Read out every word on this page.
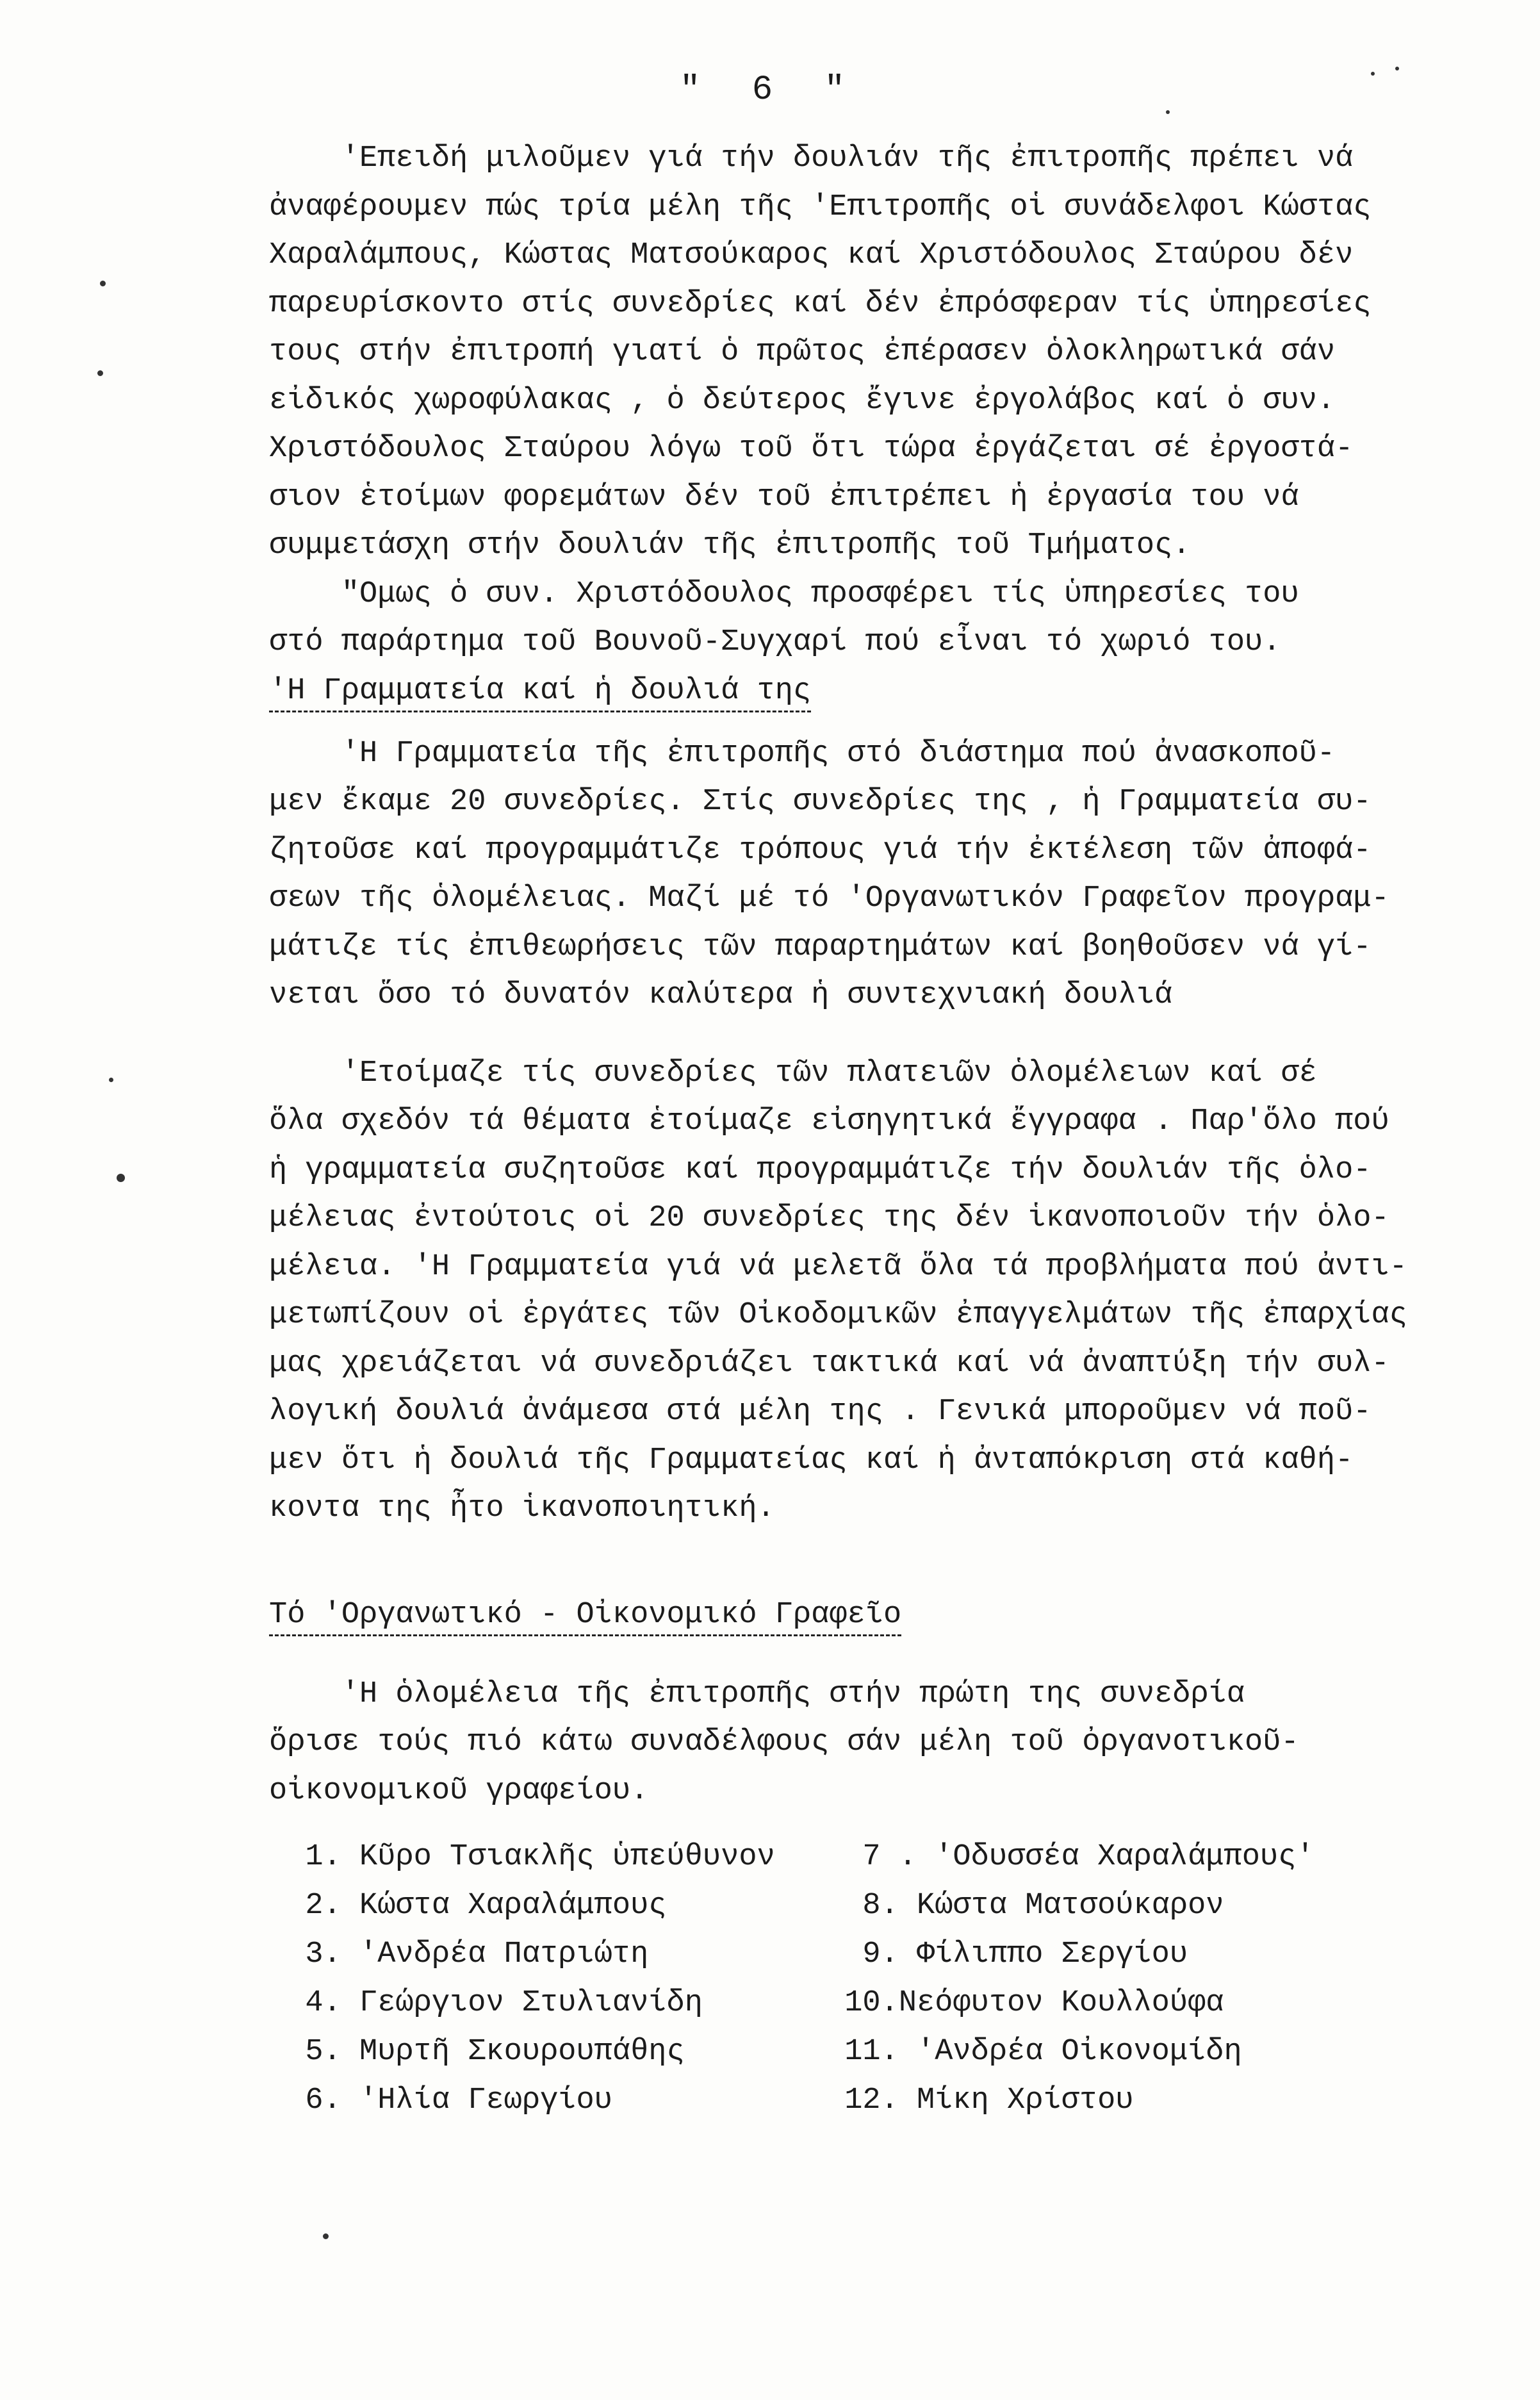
" 6 "
'Επειδή μιλοῦμεν γιά τήν δουλιάν τῆς ἐπιτροπῆς πρέπει νά
ἀναφέρουμεν πώς τρία μέλη τῆς 'Επιτροπῆς οἱ συνάδελφοι Κώστας
Χαραλάμπους, Κώστας Ματσούκαρος καί Χριστόδουλος Σταύρου δέν
παρευρίσκοντο στίς συνεδρίες καί δέν ἐπρόσφεραν τίς ὑπηρεσίες
τους στήν ἐπιτροπή γιατί ὁ πρῶτος ἐπέρασεν ὁλοκληρωτικά σάν
εἰδικός χωροφύλακας , ὁ δεύτερος ἔγινε ἐργολάβος καί ὁ συν.
Χριστόδουλος Σταύρου λόγω τοῦ ὅτι τώρα ἐργάζεται σέ ἐργοστά-
σιον ἑτοίμων φορεμάτων δέν τοῦ ἐπιτρέπει ἡ ἐργασία του νά
συμμετάσχη στήν δουλιάν τῆς ἐπιτροπῆς τοῦ Τμήματος.
"Ομως ὁ συν. Χριστόδουλος προσφέρει τίς ὑπηρεσίες του
στό παράρτημα τοῦ Βουνοῦ-Συγχαρί πού εἶναι τό χωριό του.
'Η Γραμματεία καί ἡ δουλιά της
'Η Γραμματεία τῆς ἐπιτροπῆς στό διάστημα πού ἀνασκοποῦ-
μεν ἔκαμε 20 συνεδρίες. Στίς συνεδρίες της , ἡ Γραμματεία συ-
ζητοῦσε καί προγραμμάτιζε τρόπους γιά τήν ἐκτέλεση τῶν ἀποφά-
σεων τῆς ὁλομέλειας. Μαζί μέ τό 'Οργανωτικόν Γραφεῖον προγραμ-
μάτιζε τίς ἐπιθεωρήσεις τῶν παραρτημάτων καί βοηθοῦσεν νά γί-
νεται ὅσο τό δυνατόν καλύτερα ἡ συντεχνιακή δουλιά
'Ετοίμαζε τίς συνεδρίες τῶν πλατειῶν ὁλομέλειων καί σέ
ὅλα σχεδόν τά θέματα ἑτοίμαζε εἰσηγητικά ἔγγραφα . Παρ'ὅλο πού
ἡ γραμματεία συζητοῦσε καί προγραμμάτιζε τήν δουλιάν τῆς ὁλο-
μέλειας ἐντούτοις οἱ 20 συνεδρίες της δέν ἱκανοποιοῦν τήν ὁλο-
μέλεια. 'Η Γραμματεία γιά νά μελετᾶ ὅλα τά προβλήματα πού ἀντι-
μετωπίζουν οἱ ἐργάτες τῶν Οἰκοδομικῶν ἐπαγγελμάτων τῆς ἐπαρχίας
μας χρειάζεται νά συνεδριάζει τακτικά καί νά ἀναπτύξη τήν συλ-
λογική δουλιά ἀνάμεσα στά μέλη της . Γενικά μποροῦμεν νά ποῦ-
μεν ὅτι ἡ δουλιά τῆς Γραμματείας καί ἡ ἀνταπόκριση στά καθή-
κοντα της ἦτο ἱκανοποιητική.
Τό 'Οργανωτικό - Οἰκονομικό Γραφεῖο
'Η ὁλομέλεια τῆς ἐπιτροπῆς στήν πρώτη της συνεδρία
ὅρισε τούς πιό κάτω συναδέλφους σάν μέλη τοῦ ὀργανοτικοῦ-
οἰκονομικοῦ γραφείου.
1. Κῦρο Τσιακλῆς ὑπεύθυνον	7 . 'Οδυσσέα Χαραλάμπους'
2. Κώστα Χαραλάμπους	8. Κώστα Ματσούκαρον
3. 'Ανδρέα Πατριώτη	9. Φίλιππο Σεργίου
4. Γεώργιον Στυλιανίδη	10.Νεόφυτον Κουλλούφα
5. Μυρτῆ Σκουρουπάθης	11. 'Ανδρέα Οἰκονομίδη
6. 'Ηλία Γεωργίου	12. Μίκη Χρίστου
